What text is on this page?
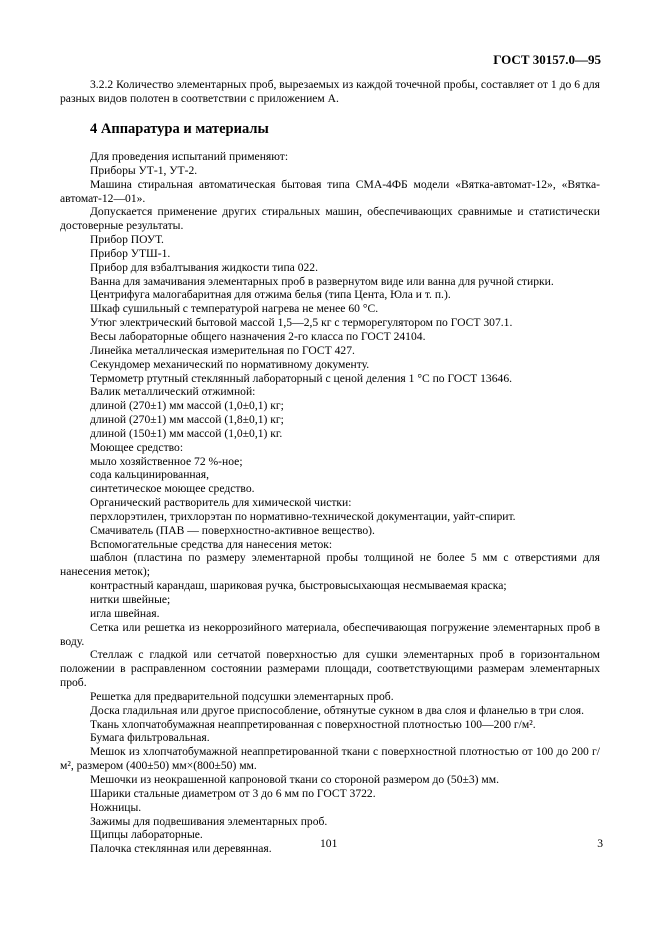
ГОСТ 30157.0—95

3.2.2 Количество элементарных проб, вырезаемых из каждой точечной пробы, составляет от 1 до 6 для разных видов полотен в соответствии с приложением А.

4 Аппаратура и материалы

Для проведения испытаний применяют:

Приборы УТ-1, УТ-2.

Машина стиральная автоматическая бытовая типа СМА-4ФБ модели «Вятка-автомат-12», «Вятка-автомат-12—01».

Допускается применение других стиральных машин, обеспечивающих сравнимые и статистически достоверные результаты.

Прибор ПОУТ.

Прибор УТШ-1.

Прибор для взбалтывания жидкости типа 022.

Ванна для замачивания элементарных проб в развернутом виде или ванна для ручной стирки.

Центрифуга малогабаритная для отжима белья (типа Цента, Юла и т. п.).

Шкаф сушильный с температурой нагрева не менее 60 °С.

Утюг электрический бытовой массой 1,5—2,5 кг с терморегулятором по ГОСТ 307.1.

Весы лабораторные общего назначения 2-го класса по ГОСТ 24104.

Линейка металлическая измерительная по ГОСТ 427.

Секундомер механический по нормативному документу.

Термометр ртутный стеклянный лабораторный с ценой деления 1 °С по ГОСТ 13646.

Валик металлический отжимной:

длиной (270±1) мм массой (1,0±0,1) кг;

длиной (270±1) мм массой (1,8±0,1) кг;

длиной (150±1) мм массой (1,0±0,1) кг.

Моющее средство:

мыло хозяйственное 72 %-ное;

сода кальцинированная,

синтетическое моющее средство.

Органический растворитель для химической чистки:

перхлорэтилен, трихлорэтан по нормативно-технической документации, уайт-спирит.

Смачиватель (ПАВ — поверхностно-активное вещество).

Вспомогательные средства для нанесения меток:

шаблон (пластина по размеру элементарной пробы толщиной не более 5 мм с отверстиями для нанесения меток);

контрастный карандаш, шариковая ручка, быстровысыхающая несмываемая краска;

нитки швейные;

игла швейная.

Сетка или решетка из некоррозийного материала, обеспечивающая погружение элементарных проб в воду.

Стеллаж с гладкой или сетчатой поверхностью для сушки элементарных проб в горизонтальном положении в расправленном состоянии размерами площади, соответствующими размерам элементарных проб.

Решетка для предварительной подсушки элементарных проб.

Доска гладильная или другое приспособление, обтянутые сукном в два слоя и фланелью в три слоя.

Ткань хлопчатобумажная неаппретированная с поверхностной плотностью 100—200 г/м².

Бумага фильтровальная.

Мешок из хлопчатобумажной неаппретированной ткани с поверхностной плотностью от 100 до 200 г/м², размером (400±50) мм×(800±50) мм.

Мешочки из неокрашенной капроновой ткани со стороной размером до (50±3) мм.

Шарики стальные диаметром от 3 до 6 мм по ГОСТ 3722.

Ножницы.

Зажимы для подвешивания элементарных проб.

Щипцы лабораторные.

Палочка стеклянная или деревянная.	101	3
